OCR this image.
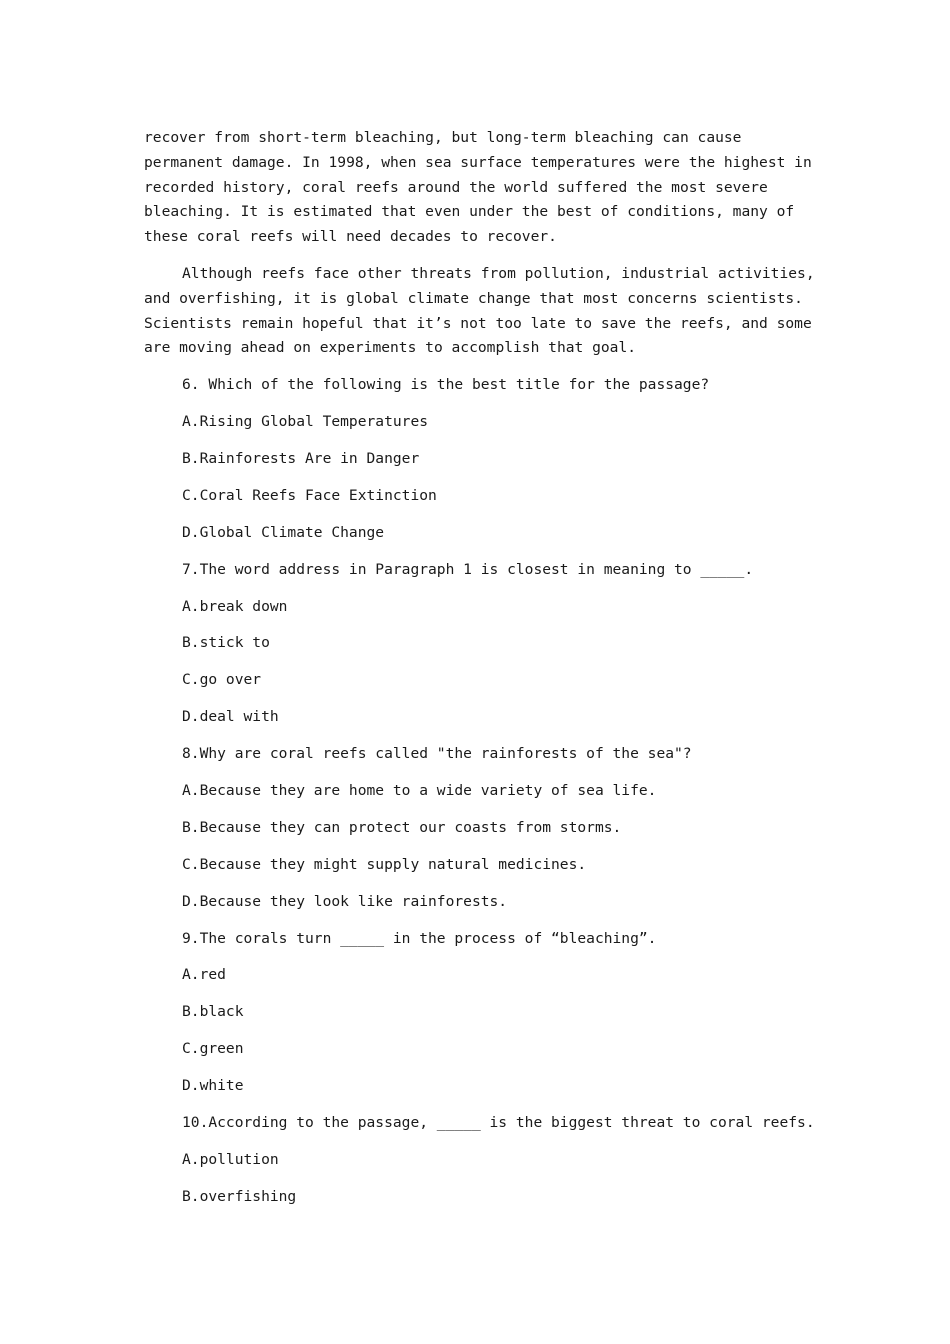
recover from short-term bleaching, but long-term bleaching can cause permanent damage. In 1998, when sea surface temperatures were the highest in recorded history, coral reefs around the world suffered the most severe bleaching. It is estimated that even under the best of conditions, many of these coral reefs will need decades to recover.

Although reefs face other threats from pollution, industrial activities, and overfishing, it is global climate change that most concerns scientists. Scientists remain hopeful that it’s not too late to save the reefs, and some are moving ahead on experiments to accomplish that goal.

6. Which of the following is the best title for the passage?

A.Rising Global Temperatures

B.Rainforests Are in Danger

C.Coral Reefs Face Extinction

D.Global Climate Change

7.The word address in Paragraph 1 is closest in meaning to _____.

A.break down

B.stick to

C.go over

D.deal with

8.Why are coral reefs called "the rainforests of the sea"?

A.Because they are home to a wide variety of sea life.

B.Because they can protect our coasts from storms.

C.Because they might supply natural medicines.

D.Because they look like rainforests.

9.The corals turn _____ in the process of “bleaching”.

A.red

B.black

C.green

D.white

10.According to the passage, _____ is the biggest threat to coral reefs.

A.pollution

B.overfishing
